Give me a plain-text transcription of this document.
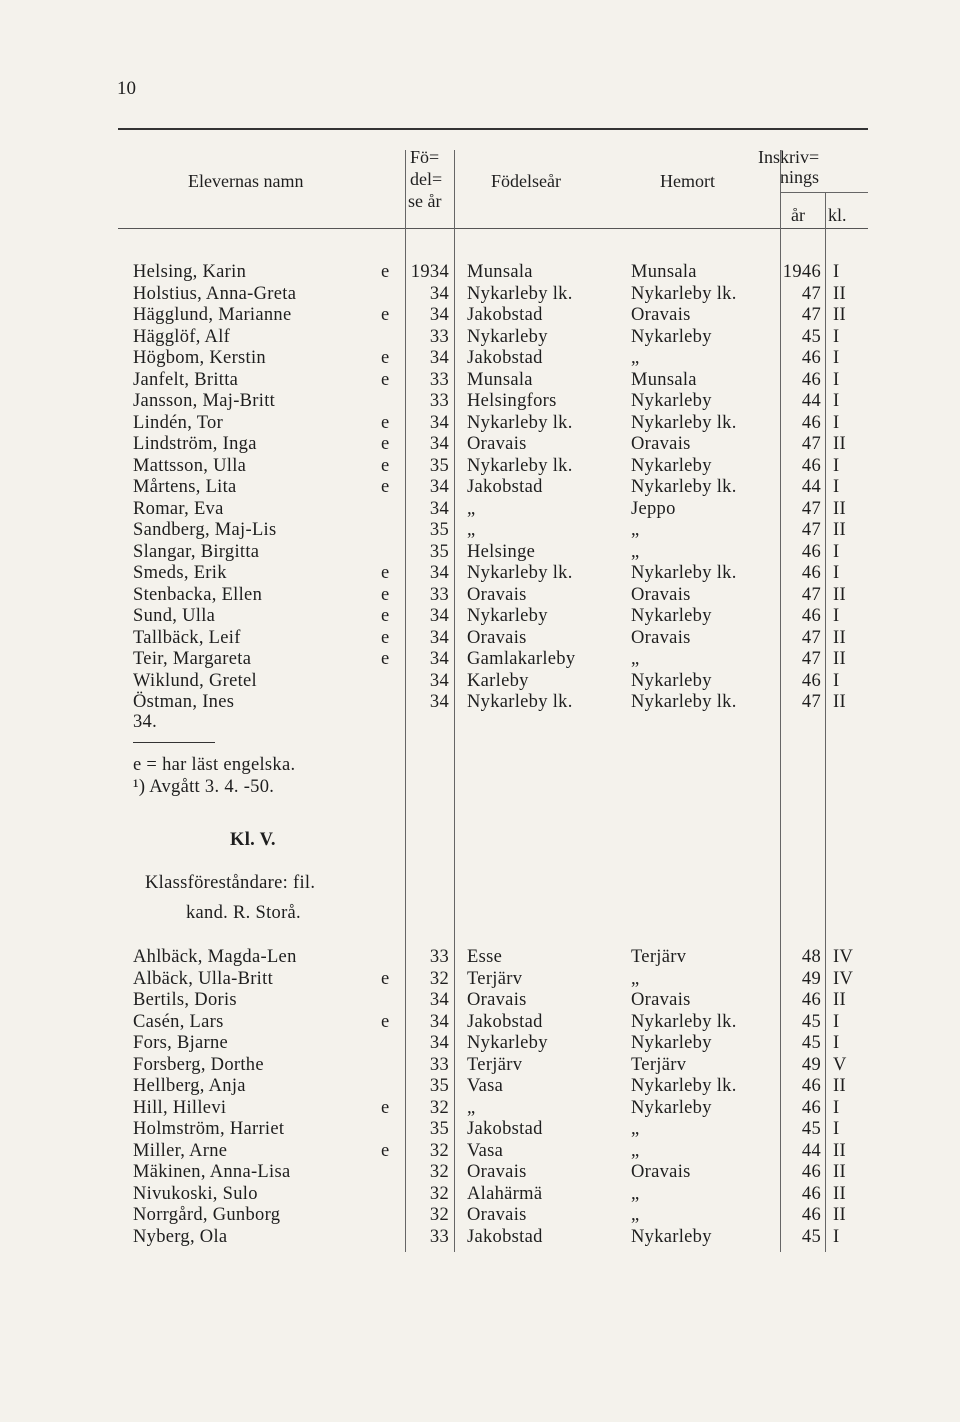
10
Elevernas namn
Fö=
del=
se år
Födelseår	Hemort
Inskriv=
nings
år kl.
Helsing, Karin	e	1934 Munsala	Munsala	1946 I
Holstius, Anna-Greta	34 Nykarleby lk.	Nykarleby lk.	47 II
Hägglund, Marianne	e	34 Jakobstad	Oravais	47 II
Hägglöf, Alf	33 Nykarleby	Nykarleby	45 I
Högbom, Kerstin	e	34 Jakobstad	„	46 I
Janfelt, Britta	e	33 Munsala	Munsala	46 I
Jansson, Maj-Britt	33 Helsingfors	Nykarleby	44 I
Lindén, Tor	e	34 Nykarleby lk.	Nykarleby lk.	46 I
Lindström, Inga	e	34 Oravais	Oravais	47 II
Mattsson, Ulla	e	35 Nykarleby lk.	Nykarleby	46 I
Mårtens, Lita	e	34 Jakobstad	Nykarleby lk.	44 I
Romar, Eva	34 „	Jeppo	47 II
Sandberg, Maj-Lis	35 „	„	47 II
Slangar, Birgitta	35 Helsinge	„	46 I
Smeds, Erik	e	34 Nykarleby lk.	Nykarleby lk.	46 I
Stenbacka, Ellen	e	33 Oravais	Oravais	47 II
Sund, Ulla	e	34 Nykarleby	Nykarleby	46 I
Tallbäck, Leif	e	34 Oravais	Oravais	47 II
Teir, Margareta	e	34 Gamlakarleby	„	47 II
Wiklund, Gretel	34 Karleby	Nykarleby	46 I
Östman, Ines	34 Nykarleby lk.	Nykarleby lk.	47 II
34.
e = har läst engelska.
¹) Avgått 3. 4. -50.
Kl. V.
Klassföreståndare: fil.
kand. R. Storå.
Ahlbäck, Magda-Len	33 Esse	Terjärv	48 IV
Albäck, Ulla-Britt	e	32 Terjärv	„	49 IV
Bertils, Doris	34 Oravais	Oravais	46 II
Casén, Lars	e	34 Jakobstad	Nykarleby lk.	45 I
Fors, Bjarne	34 Nykarleby	Nykarleby	45 I
Forsberg, Dorthe	33 Terjärv	Terjärv	49 V
Hellberg, Anja	35 Vasa	Nykarleby lk.	46 II
Hill, Hillevi	e	32 „	Nykarleby	46 I
Holmström, Harriet	35 Jakobstad	„	45 I
Miller, Arne	e	32 Vasa	„	44 II
Mäkinen, Anna-Lisa	32 Oravais	Oravais	46 II
Nivukoski, Sulo	32 Alahärmä	„	46 II
Norrgård, Gunborg	32 Oravais	„	46 II
Nyberg, Ola	33 Jakobstad	Nykarleby	45 I
